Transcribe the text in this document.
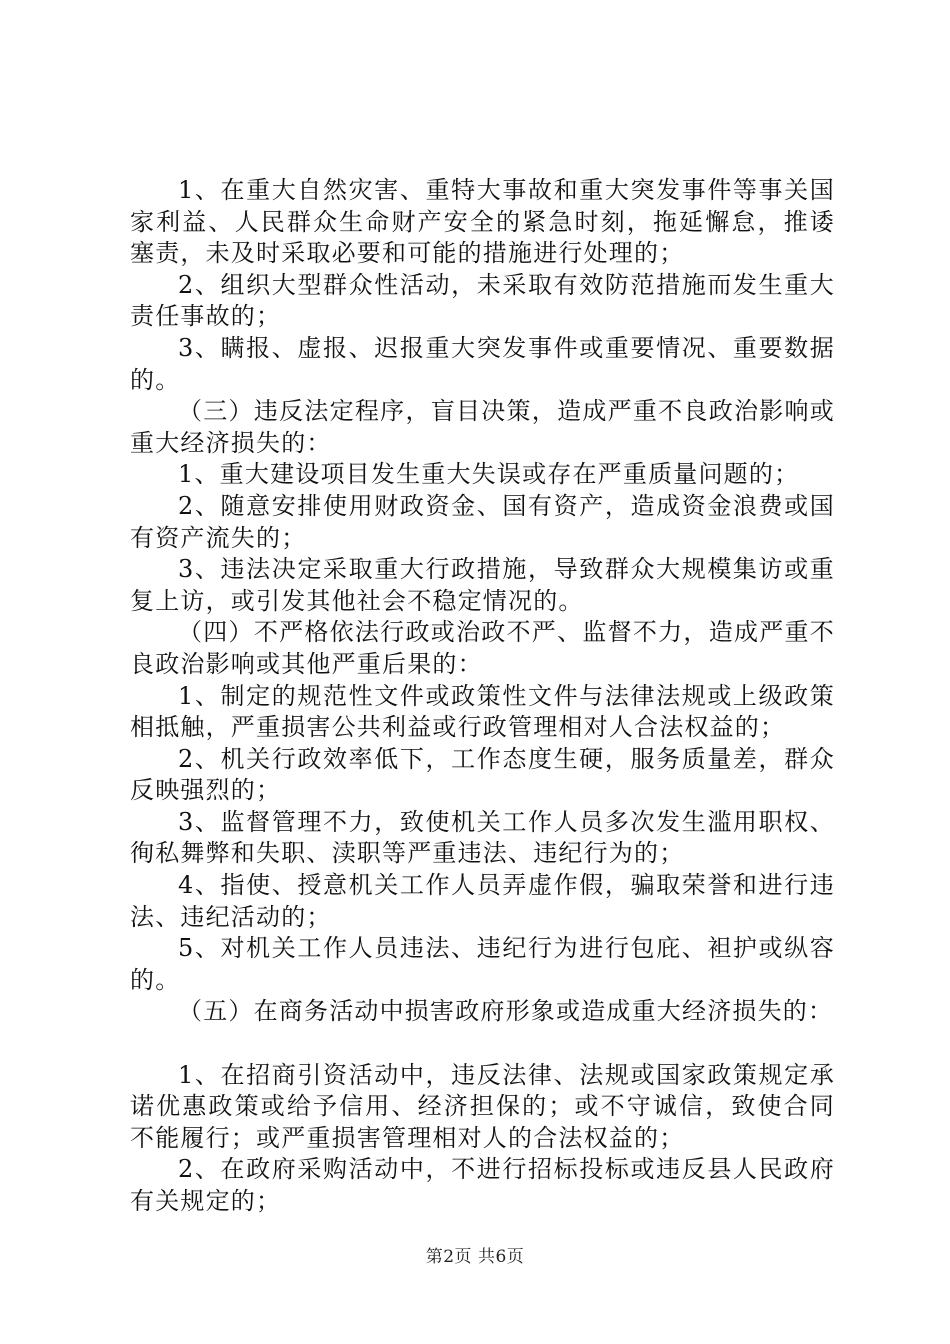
1、在重大自然灾害、重特大事故和重大突发事件等事关国家利益、人民群众生命财产安全的紧急时刻，拖延懈怠，推诿塞责，未及时采取必要和可能的措施进行处理的；

2、组织大型群众性活动，未采取有效防范措施而发生重大责任事故的；

3、瞒报、虚报、迟报重大突发事件或重要情况、重要数据的。

（三）违反法定程序，盲目决策，造成严重不良政治影响或重大经济损失的：

1、重大建设项目发生重大失误或存在严重质量问题的；

2、随意安排使用财政资金、国有资产，造成资金浪费或国有资产流失的；

3、违法决定采取重大行政措施，导致群众大规模集访或重复上访，或引发其他社会不稳定情况的。

（四）不严格依法行政或治政不严、监督不力，造成严重不良政治影响或其他严重后果的：

1、制定的规范性文件或政策性文件与法律法规或上级政策相抵触，严重损害公共利益或行政管理相对人合法权益的；

2、机关行政效率低下，工作态度生硬，服务质量差，群众反映强烈的；

3、监督管理不力，致使机关工作人员多次发生滥用职权、徇私舞弊和失职、渎职等严重违法、违纪行为的；

4、指使、授意机关工作人员弄虚作假，骗取荣誉和进行违法、违纪活动的；

5、对机关工作人员违法、违纪行为进行包庇、袒护或纵容的。

（五）在商务活动中损害政府形象或造成重大经济损失的：

1、在招商引资活动中，违反法律、法规或国家政策规定承诺优惠政策或给予信用、经济担保的；或不守诚信，致使合同不能履行；或严重损害管理相对人的合法权益的；

2、在政府采购活动中，不进行招标投标或违反县人民政府有关规定的；

第2页 共6页
